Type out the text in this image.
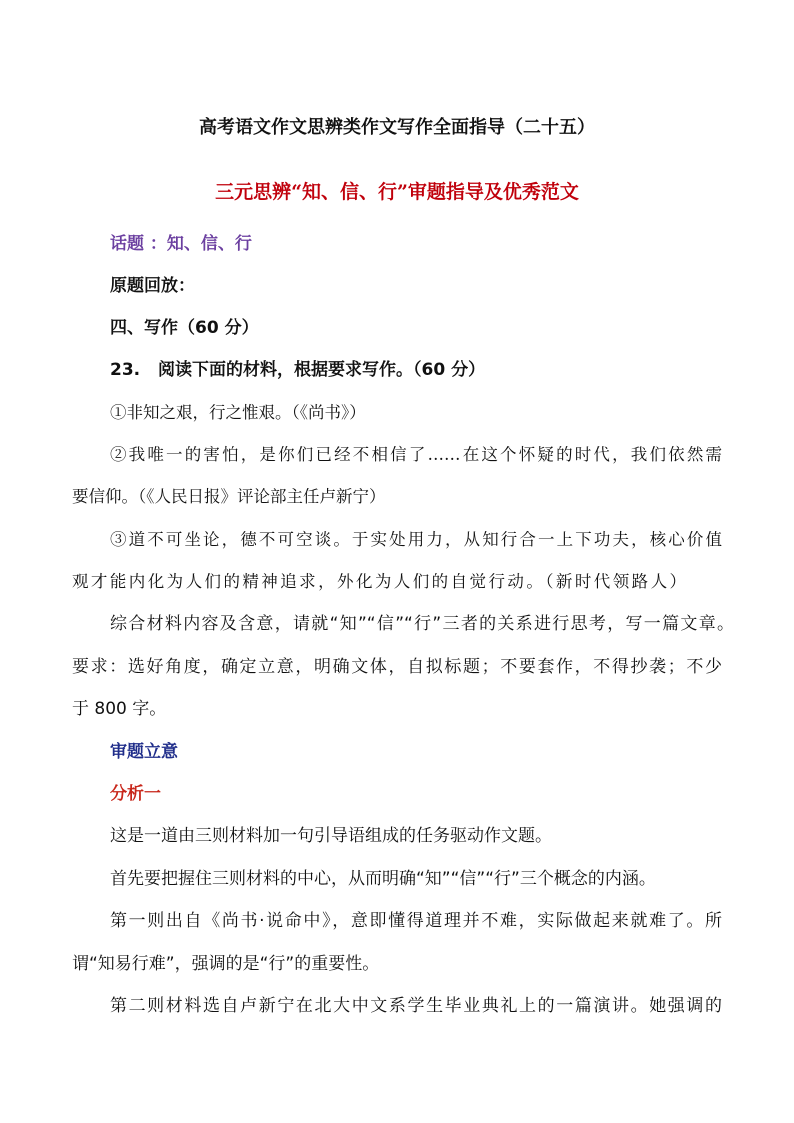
高考语文作文思辨类作文写作全面指导（二十五）
三元思辨“知、信、行”审题指导及优秀范文
话题 ：知、信、行
原题回放：
四、写作（60 分）
23. 阅读下面的材料，根据要求写作。（60 分）
①非知之艰，行之惟艰。（《尚书》）
②我唯一的害怕，是你们已经不相信了……在这个怀疑的时代，我们依然需
要信仰。（《人民日报》评论部主任卢新宁）
③道不可坐论，德不可空谈。于实处用力，从知行合一上下功夫，核心价值
观才能内化为人们的精神追求，外化为人们的自觉行动。（新时代领路人）
综合材料内容及含意，请就“知”“信”“行”三者的关系进行思考，写一篇文章。
要求：选好角度，确定立意，明确文体，自拟标题；不要套作，不得抄袭；不少
于 800 字。
审题立意
分析一
这是一道由三则材料加一句引导语组成的任务驱动作文题。
首先要把握住三则材料的中心，从而明确“知”“信”“行”三个概念的内涵。
第一则出自《尚书·说命中》，意即懂得道理并不难，实际做起来就难了。所
谓“知易行难”，强调的是“行”的重要性。
第二则材料选自卢新宁在北大中文系学生毕业典礼上的一篇演讲。她强调的
